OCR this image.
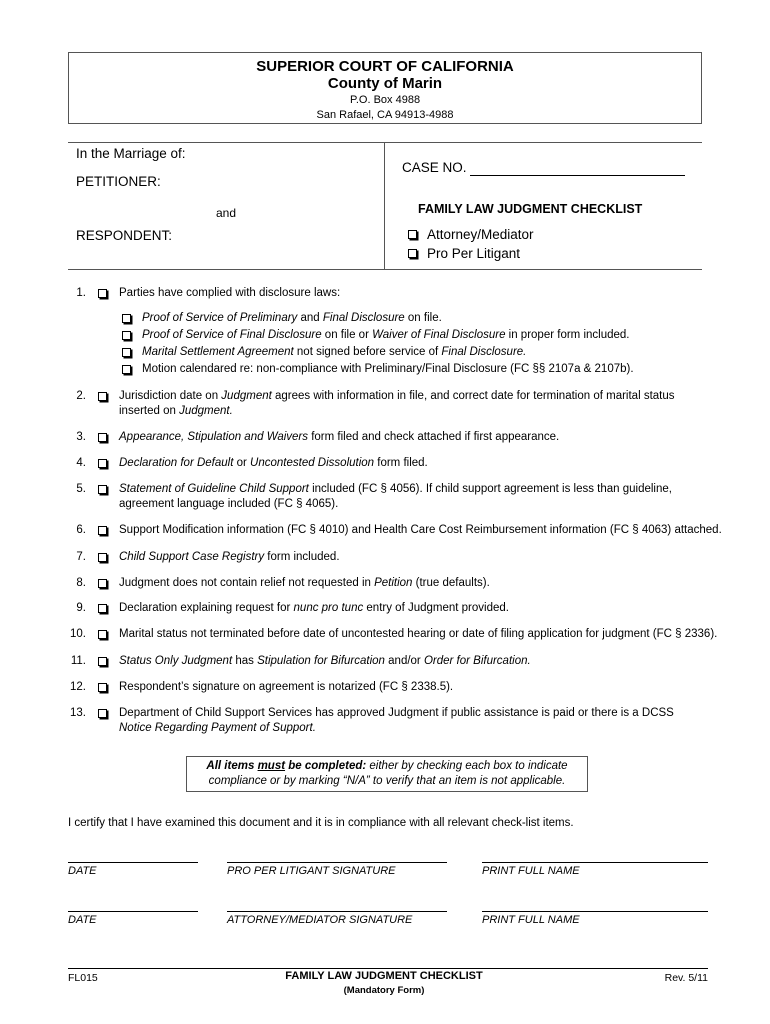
SUPERIOR COURT OF CALIFORNIA
County of Marin
P.O. Box 4988
San Rafael, CA 94913-4988
In the Marriage of:
PETITIONER:
and
RESPONDENT:
CASE NO.
FAMILY LAW JUDGMENT CHECKLIST
Attorney/Mediator
Pro Per Litigant
1.	Parties have complied with disclosure laws:
Proof of Service of Preliminary and Final Disclosure on file.
Proof of Service of Final Disclosure on file or Waiver of Final Disclosure in proper form included.
Marital Settlement Agreement not signed before service of Final Disclosure.
Motion calendared re: non-compliance with Preliminary/Final Disclosure (FC §§ 2107a & 2107b).
2.	Jurisdiction date on Judgment agrees with information in file, and correct date for termination of marital status
inserted on Judgment.
3.	Appearance, Stipulation and Waivers form filed and check attached if first appearance.
4.	Declaration for Default or Uncontested Dissolution form filed.
5.	Statement of Guideline Child Support included (FC § 4056). If child support agreement is less than guideline,
agreement language included (FC § 4065).
6.	Support Modification information (FC § 4010) and Health Care Cost Reimbursement information (FC § 4063) attached.
7.	Child Support Case Registry form included.
8.	Judgment does not contain relief not requested in Petition (true defaults).
9.	Declaration explaining request for nunc pro tunc entry of Judgment provided.
10.	Marital status not terminated before date of uncontested hearing or date of filing application for judgment (FC § 2336).
11.	Status Only Judgment has Stipulation for Bifurcation and/or Order for Bifurcation.
12.	Respondent’s signature on agreement is notarized (FC § 2338.5).
13.	Department of Child Support Services has approved Judgment if public assistance is paid or there is a DCSS
Notice Regarding Payment of Support.
All items must be completed: either by checking each box to indicate
compliance or by marking “N/A” to verify that an item is not applicable.
I certify that I have examined this document and it is in compliance with all relevant check-list items.
DATE	PRO PER LITIGANT SIGNATURE	PRINT FULL NAME
DATE	ATTORNEY/MEDIATOR SIGNATURE	PRINT FULL NAME
FL015	FAMILY LAW JUDGMENT CHECKLIST
(Mandatory Form)
Rev. 5/11
